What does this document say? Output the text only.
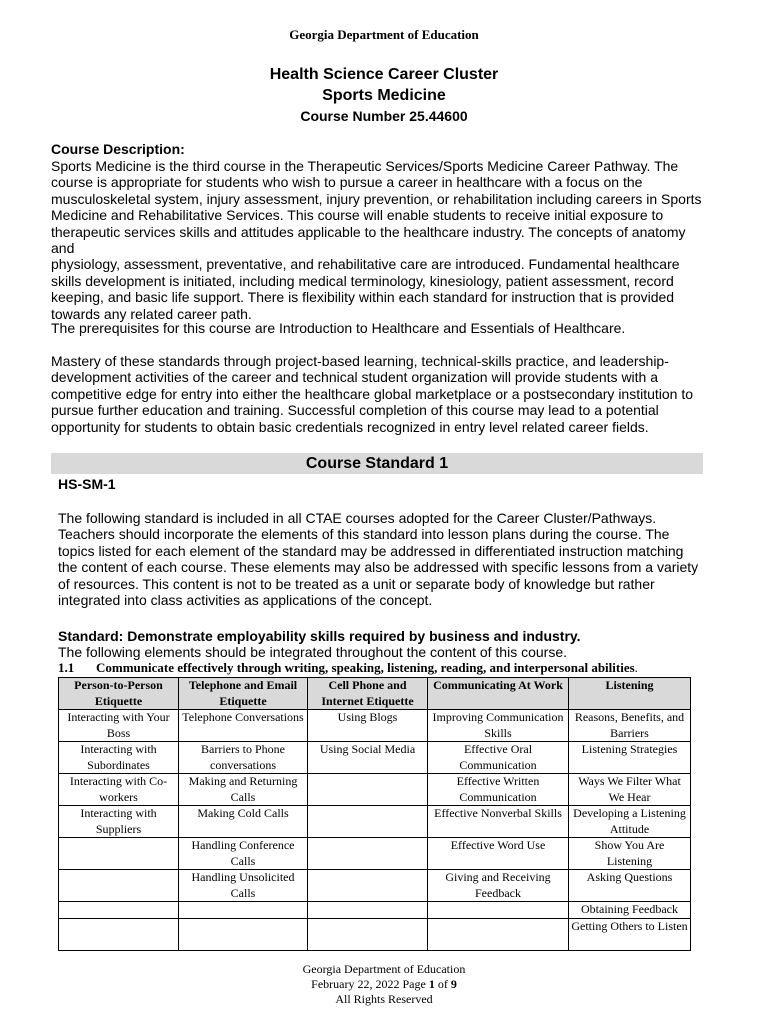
Georgia Department of Education
Health Science Career Cluster
Sports Medicine
Course Number 25.44600
Course Description:
Sports Medicine is the third course in the Therapeutic Services/Sports Medicine Career Pathway. The
course is appropriate for students who wish to pursue a career in healthcare with a focus on the
musculoskeletal system, injury assessment, injury prevention, or rehabilitation including careers in Sports
Medicine and Rehabilitative Services. This course will enable students to receive initial exposure to
therapeutic services skills and attitudes applicable to the healthcare industry. The concepts of anatomy and
physiology, assessment, preventative, and rehabilitative care are introduced. Fundamental healthcare
skills development is initiated, including medical terminology, kinesiology, patient assessment, record
keeping, and basic life support. There is flexibility within each standard for instruction that is provided
towards any related career path.
The prerequisites for this course are Introduction to Healthcare and Essentials of Healthcare.
Mastery of these standards through project-based learning, technical-skills practice, and leadership-
development activities of the career and technical student organization will provide students with a
competitive edge for entry into either the healthcare global marketplace or a postsecondary institution to
pursue further education and training. Successful completion of this course may lead to a potential
opportunity for students to obtain basic credentials recognized in entry level related career fields.
Course Standard 1
HS-SM-1
The following standard is included in all CTAE courses adopted for the Career Cluster/Pathways.
Teachers should incorporate the elements of this standard into lesson plans during the course. The
topics listed for each element of the standard may be addressed in differentiated instruction matching
the content of each course. These elements may also be addressed with specific lessons from a variety
of resources. This content is not to be treated as a unit or separate body of knowledge but rather
integrated into class activities as applications of the concept.
Standard: Demonstrate employability skills required by business and industry.
The following elements should be integrated throughout the content of this course.
1.1 Communicate effectively through writing, speaking, listening, reading, and interpersonal abilities.
Person-to-Person Etiquette	Telephone and Email Etiquette	Cell Phone and Internet Etiquette	Communicating At Work	Listening
Interacting with Your Boss	Telephone Conversations	Using Blogs	Improving Communication Skills	Reasons, Benefits, and Barriers
Interacting with Subordinates	Barriers to Phone conversations	Using Social Media	Effective Oral Communication	Listening Strategies
Interacting with Co-workers	Making and Returning Calls		Effective Written Communication	Ways We Filter What We Hear
Interacting with Suppliers	Making Cold Calls		Effective Nonverbal Skills	Developing a Listening Attitude
	Handling Conference Calls		Effective Word Use	Show You Are Listening
	Handling Unsolicited Calls		Giving and Receiving Feedback	Asking Questions
				Obtaining Feedback
				Getting Others to Listen
Georgia Department of Education
February 22, 2022 Page 1 of 9
All Rights Reserved
